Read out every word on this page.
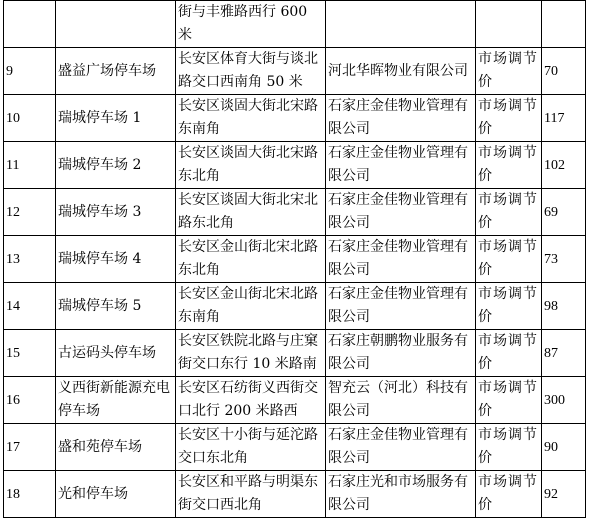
		街与丰雅路西行 600 米			
9	盛益广场停车场	长安区体育大街与谈北路交口西南角 50 米	河北华晖物业有限公司	市场调节价	70
10	瑞城停车场 1	长安区谈固大街北宋路东南角	石家庄金佳物业管理有限公司	市场调节价	117
11	瑞城停车场 2	长安区谈固大街北宋路东北角	石家庄金佳物业管理有限公司	市场调节价	102
12	瑞城停车场 3	长安区谈固大街北宋北路东北角	石家庄金佳物业管理有限公司	市场调节价	69
13	瑞城停车场 4	长安区金山街北宋北路东北角	石家庄金佳物业管理有限公司	市场调节价	73
14	瑞城停车场 5	长安区金山街北宋北路东南角	石家庄金佳物业管理有限公司	市场调节价	98
15	古运码头停车场	长安区铁院北路与庄窠街交口东行 10 米路南	石家庄朝鹏物业服务有限公司	市场调节价	87
16	义西街新能源充电停车场	长安区石纺街义西街交口北行 200 米路西	智充云（河北）科技有限公司	市场调节价	300
17	盛和苑停车场	长安区十小街与延沱路交口东北角	石家庄金佳物业管理有限公司	市场调节价	90
18	光和停车场	长安区和平路与明渠东街交口西北角	石家庄光和市场服务有限公司	市场调节价	92
